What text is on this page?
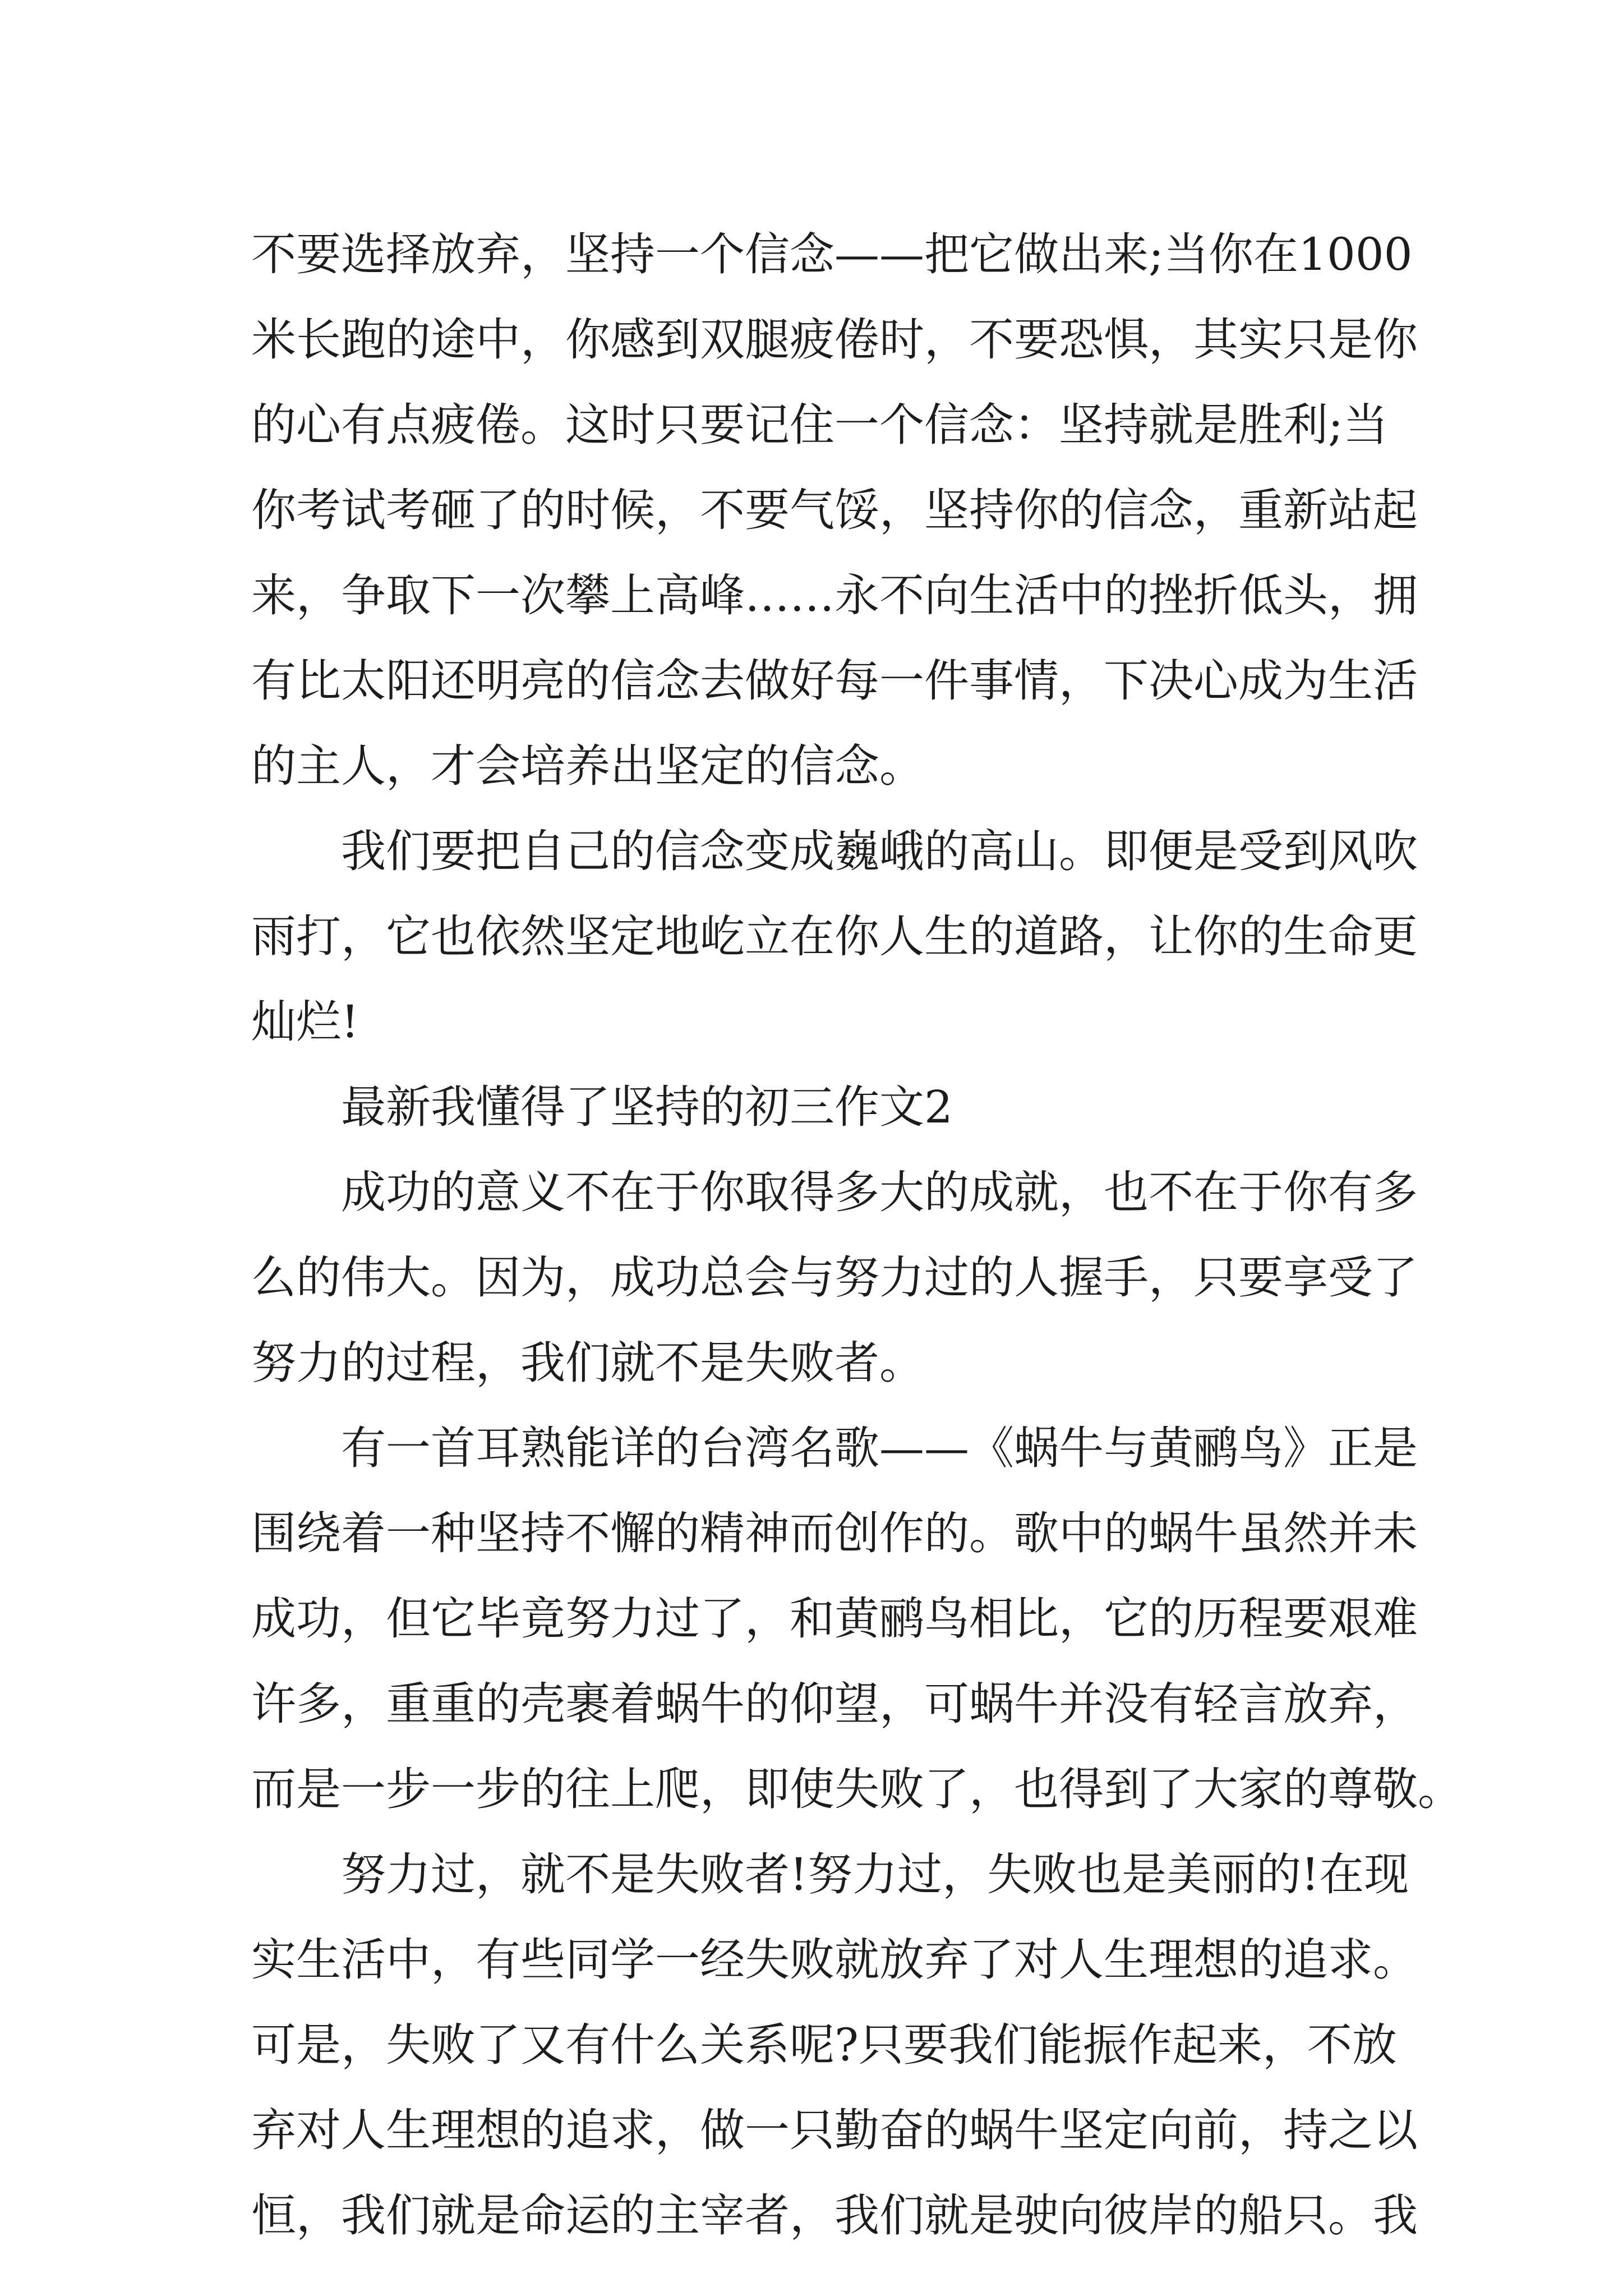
不要选择放弃，坚持一个信念——把它做出来;当你在1000
米长跑的途中，你感到双腿疲倦时，不要恐惧，其实只是你
的心有点疲倦。这时只要记住一个信念：坚持就是胜利;当
你考试考砸了的时候，不要气馁，坚持你的信念，重新站起
来，争取下一次攀上高峰……永不向生活中的挫折低头，拥
有比太阳还明亮的信念去做好每一件事情，下决心成为生活
的主人，才会培养出坚定的信念。
我们要把自己的信念变成巍峨的高山。即便是受到风吹
雨打，它也依然坚定地屹立在你人生的道路，让你的生命更
灿烂!
最新我懂得了坚持的初三作文2
成功的意义不在于你取得多大的成就，也不在于你有多
么的伟大。因为，成功总会与努力过的人握手，只要享受了
努力的过程，我们就不是失败者。
有一首耳熟能详的台湾名歌——《蜗牛与黄鹂鸟》正是
围绕着一种坚持不懈的精神而创作的。歌中的蜗牛虽然并未
成功，但它毕竟努力过了，和黄鹂鸟相比，它的历程要艰难
许多，重重的壳裹着蜗牛的仰望，可蜗牛并没有轻言放弃，
而是一步一步的往上爬，即使失败了，也得到了大家的尊敬。
努力过，就不是失败者!努力过，失败也是美丽的!在现
实生活中，有些同学一经失败就放弃了对人生理想的追求。
可是，失败了又有什么关系呢?只要我们能振作起来，不放
弃对人生理想的追求，做一只勤奋的蜗牛坚定向前，持之以
恒，我们就是命运的主宰者，我们就是驶向彼岸的船只。我
